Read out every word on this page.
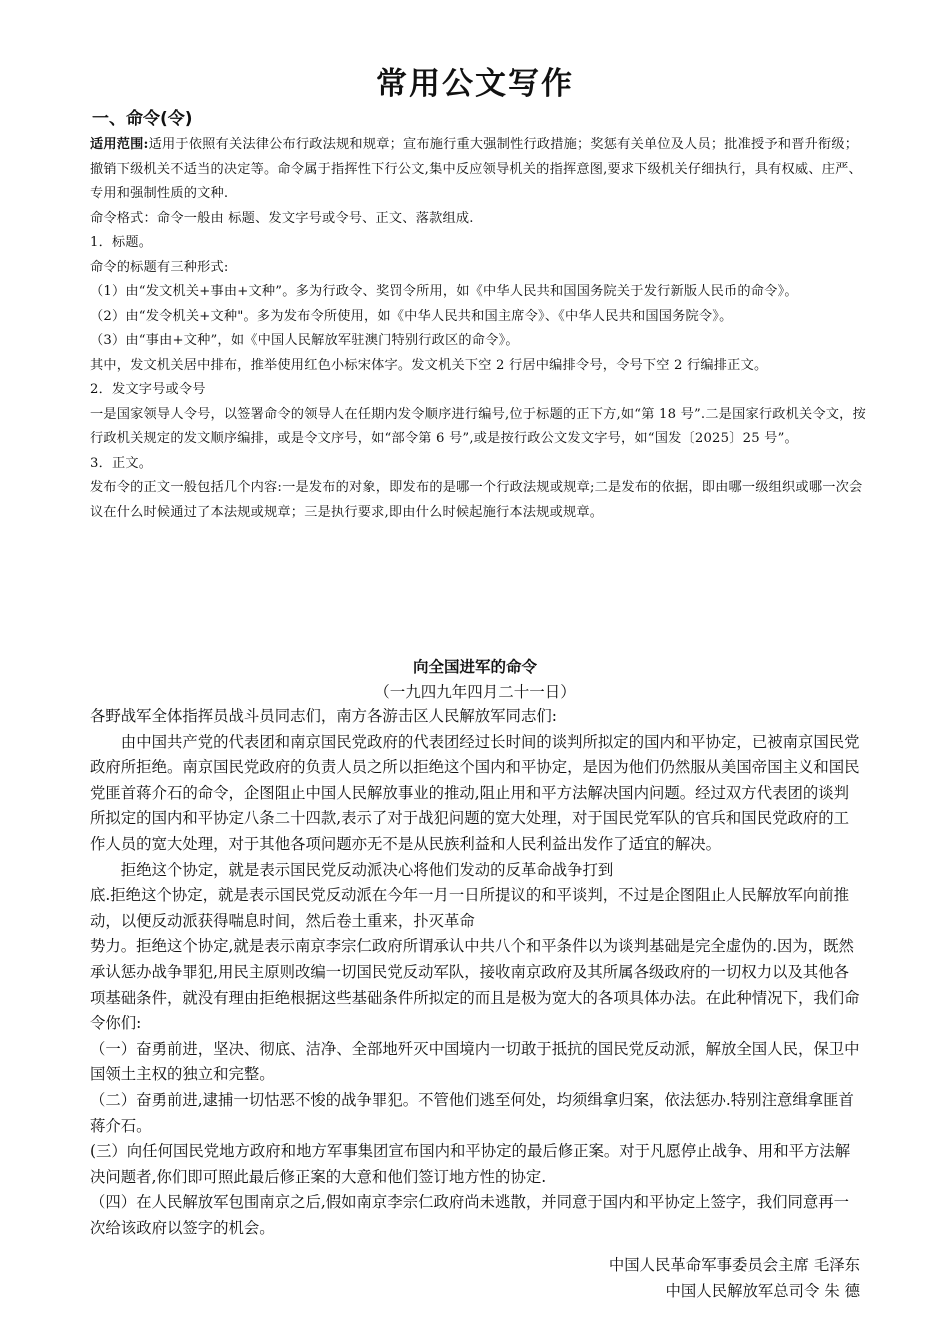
常用公文写作
一、命令(令)

适用范围:适用于依照有关法律公布行政法规和规章；宣布施行重大强制性行政措施；奖惩有关单位及人员；批准授予和晋升衔级；撤销下级机关不适当的决定等。命令属于指挥性下行公文,集中反应领导机关的指挥意图,要求下级机关仔细执行，具有权威、庄严、专用和强制性质的文种.

命令格式：命令一般由 标题、发文字号或令号、正文、落款组成.

1．标题。

命令的标题有三种形式:

（1）由“发文机关+事由+文种”。多为行政令、奖罚令所用，如《中华人民共和国国务院关于发行新版人民币的命令》。

（2）由“发令机关+文种"。多为发布令所使用，如《中华人民共和国主席令》、《中华人民共和国国务院令》。

（3）由“事由+文种”，如《中国人民解放军驻澳门特别行政区的命令》。

其中，发文机关居中排布，推举使用红色小标宋体字。发文机关下空 2 行居中编排令号，令号下空 2 行编排正文。

2．发文字号或令号

一是国家领导人令号，以签署命令的领导人在任期内发令顺序进行编号,位于标题的正下方,如“第 18 号”.二是国家行政机关令文，按行政机关规定的发文顺序编排，或是令文序号，如“部令第 6 号”,或是按行政公文发文字号，如“国发〔2025〕25 号”。

3．正文。

发布令的正文一般包括几个内容:一是发布的对象，即发布的是哪一个行政法规或规章;二是发布的依据，即由哪一级组织或哪一次会议在什么时候通过了本法规或规章；三是执行要求,即由什么时候起施行本法规或规章。

向全国进军的命令
（一九四九年四月二十一日）

各野战军全体指挥员战斗员同志们，南方各游击区人民解放军同志们:

由中国共产党的代表团和南京国民党政府的代表团经过长时间的谈判所拟定的国内和平协定，已被南京国民党政府所拒绝。南京国民党政府的负责人员之所以拒绝这个国内和平协定，是因为他们仍然服从美国帝国主义和国民党匪首蒋介石的命令，企图阻止中国人民解放事业的推动,阻止用和平方法解决国内问题。经过双方代表团的谈判所拟定的国内和平协定八条二十四款,表示了对于战犯问题的宽大处理，对于国民党军队的官兵和国民党政府的工作人员的宽大处理，对于其他各项问题亦无不是从民族利益和人民利益出发作了适宜的解决。

拒绝这个协定，就是表示国民党反动派决心将他们发动的反革命战争打到

底.拒绝这个协定，就是表示国民党反动派在今年一月一日所提议的和平谈判，不过是企图阻止人民解放军向前推动，以便反动派获得喘息时间，然后卷土重来，扑灭革命

势力。拒绝这个协定,就是表示南京李宗仁政府所谓承认中共八个和平条件以为谈判基础是完全虚伪的.因为，既然承认惩办战争罪犯,用民主原则改编一切国民党反动军队，接收南京政府及其所属各级政府的一切权力以及其他各项基础条件，就没有理由拒绝根据这些基础条件所拟定的而且是极为宽大的各项具体办法。在此种情况下，我们命令你们:

（一）奋勇前进，坚决、彻底、洁净、全部地歼灭中国境内一切敢于抵抗的国民党反动派，解放全国人民，保卫中国领土主权的独立和完整。

（二）奋勇前进,逮捕一切怙恶不悛的战争罪犯。不管他们逃至何处，均须缉拿归案，依法惩办.特别注意缉拿匪首蒋介石。

(三）向任何国民党地方政府和地方军事集团宣布国内和平协定的最后修正案。对于凡愿停止战争、用和平方法解决问题者,你们即可照此最后修正案的大意和他们签订地方性的协定.

（四）在人民解放军包围南京之后,假如南京李宗仁政府尚未逃散，并同意于国内和平协定上签字，我们同意再一次给该政府以签字的机会。

中国人民革命军事委员会主席 毛泽东
中国人民解放军总司令 朱 德
